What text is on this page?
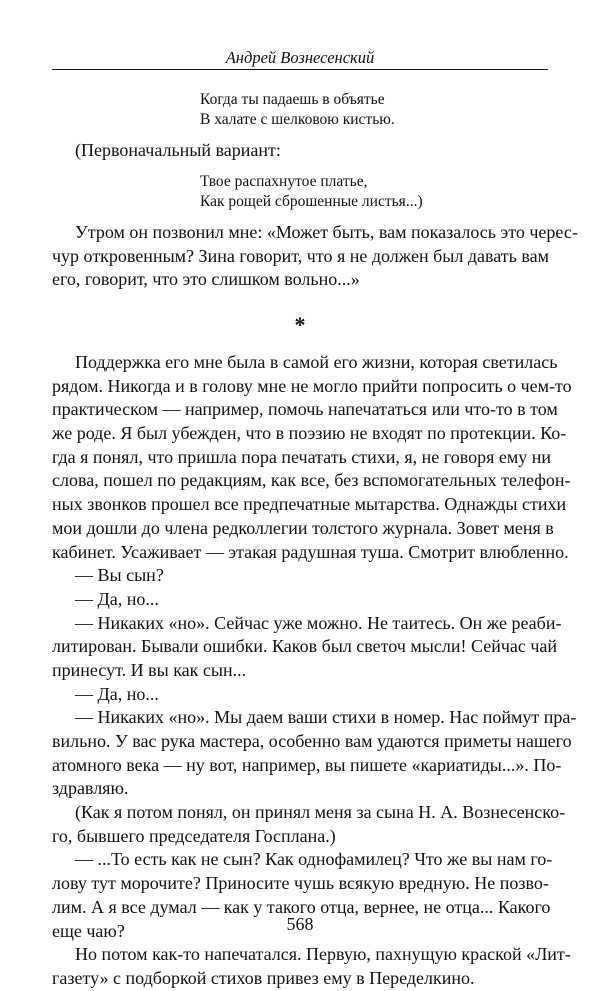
Андрей Вознесенский
Когда ты падаешь в объятье
В халате с шелковою кистью.
(Первоначальный вариант:
Твое распахнутое платье,
Как рощей сброшенные листья...)
Утром он позвонил мне: «Может быть, вам показалось это черес-
чур откровенным? Зина говорит, что я не должен был давать вам
его, говорит, что это слишком вольно...»
*
Поддержка его мне была в самой его жизни, которая светилась
рядом. Никогда и в голову мне не могло прийти попросить о чем-то
практическом — например, помочь напечататься или что-то в том
же роде. Я был убежден, что в поэзию не входят по протекции. Ко-
гда я понял, что пришла пора печатать стихи, я, не говоря ему ни
слова, пошел по редакциям, как все, без вспомогательных телефон-
ных звонков прошел все предпечатные мытарства. Однажды стихи
мои дошли до члена редколлегии толстого журнала. Зовет меня в
кабинет. Усаживает — этакая радушная туша. Смотрит влюбленно.
— Вы сын?
— Да, но...
— Никаких «но». Сейчас уже можно. Не таитесь. Он же реаби-
литирован. Бывали ошибки. Каков был светоч мысли! Сейчас чай
принесут. И вы как сын...
— Да, но...
— Никаких «но». Мы даем ваши стихи в номер. Нас поймут пра-
вильно. У вас рука мастера, особенно вам удаются приметы нашего
атомного века — ну вот, например, вы пишете «кариатиды...». По-
здравляю.
(Как я потом понял, он принял меня за сына Н. А. Вознесенско-
го, бывшего председателя Госплана.)
— ...То есть как не сын? Как однофамилец? Что же вы нам го-
лову тут морочите? Приносите чушь всякую вредную. Не позво-
лим. А я все думал — как у такого отца, вернее, не отца... Какого
еще чаю?
Но потом как-то напечатался. Первую, пахнущую краской «Лит-
газету» с подборкой стихов привез ему в Переделкино.
568
